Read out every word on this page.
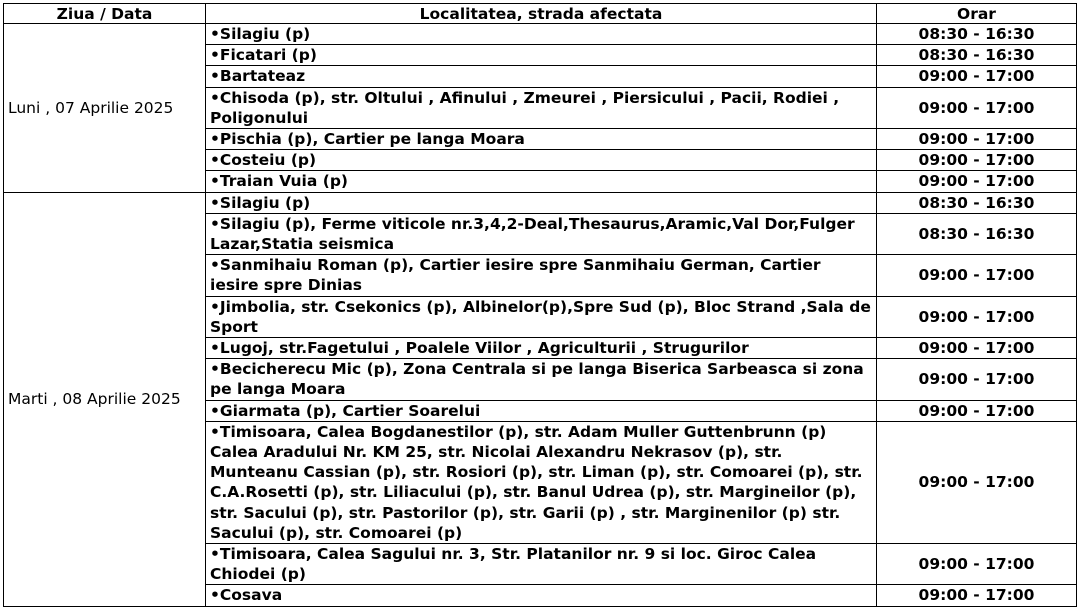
Ziua / Data	Localitatea, strada afectata	Orar
Luni , 07 Aprilie 2025	•Silagiu (p)	08:30 - 16:30
	•Ficatari (p)	08:30 - 16:30
	•Bartateaz	09:00 - 17:00
	•Chisoda (p), str. Oltului , Afinului , Zmeurei , Piersicului , Pacii, Rodiei , Poligonului	09:00 - 17:00
	•Pischia (p), Cartier pe langa Moara	09:00 - 17:00
	•Costeiu (p)	09:00 - 17:00
	•Traian Vuia (p)	09:00 - 17:00
Marti , 08 Aprilie 2025	•Silagiu (p)	08:30 - 16:30
	•Silagiu (p), Ferme viticole nr.3,4,2-Deal,Thesaurus,Aramic,Val Dor,Fulger Lazar,Statia seismica	08:30 - 16:30
	•Sanmihaiu Roman (p), Cartier iesire spre Sanmihaiu German, Cartier iesire spre Dinias	09:00 - 17:00
	•Jimbolia, str. Csekonics (p), Albinelor(p),Spre Sud (p), Bloc Strand ,Sala de Sport	09:00 - 17:00
	•Lugoj, str.Fagetului , Poalele Viilor , Agriculturii , Strugurilor	09:00 - 17:00
	•Becicherecu Mic (p), Zona Centrala si pe langa Biserica Sarbeasca si zona pe langa Moara	09:00 - 17:00
	•Giarmata (p), Cartier Soarelui	09:00 - 17:00
	•Timisoara, Calea Bogdanestilor (p), str. Adam Muller Guttenbrunn (p) Calea Aradului Nr. KM 25, str. Nicolai Alexandru Nekrasov (p), str. Munteanu Cassian (p), str. Rosiori (p), str. Liman (p), str. Comoarei (p), str. C.A.Rosetti (p), str. Liliacului (p), str. Banul Udrea (p), str. Margineilor (p), str. Sacului (p), str. Pastorilor (p), str. Garii (p) , str. Marginenilor (p) str. Sacului (p), str. Comoarei (p)	09:00 - 17:00
	•Timisoara, Calea Sagului nr. 3, Str. Platanilor nr. 9 si loc. Giroc Calea Chiodei (p)	09:00 - 17:00
	•Cosava	09:00 - 17:00
